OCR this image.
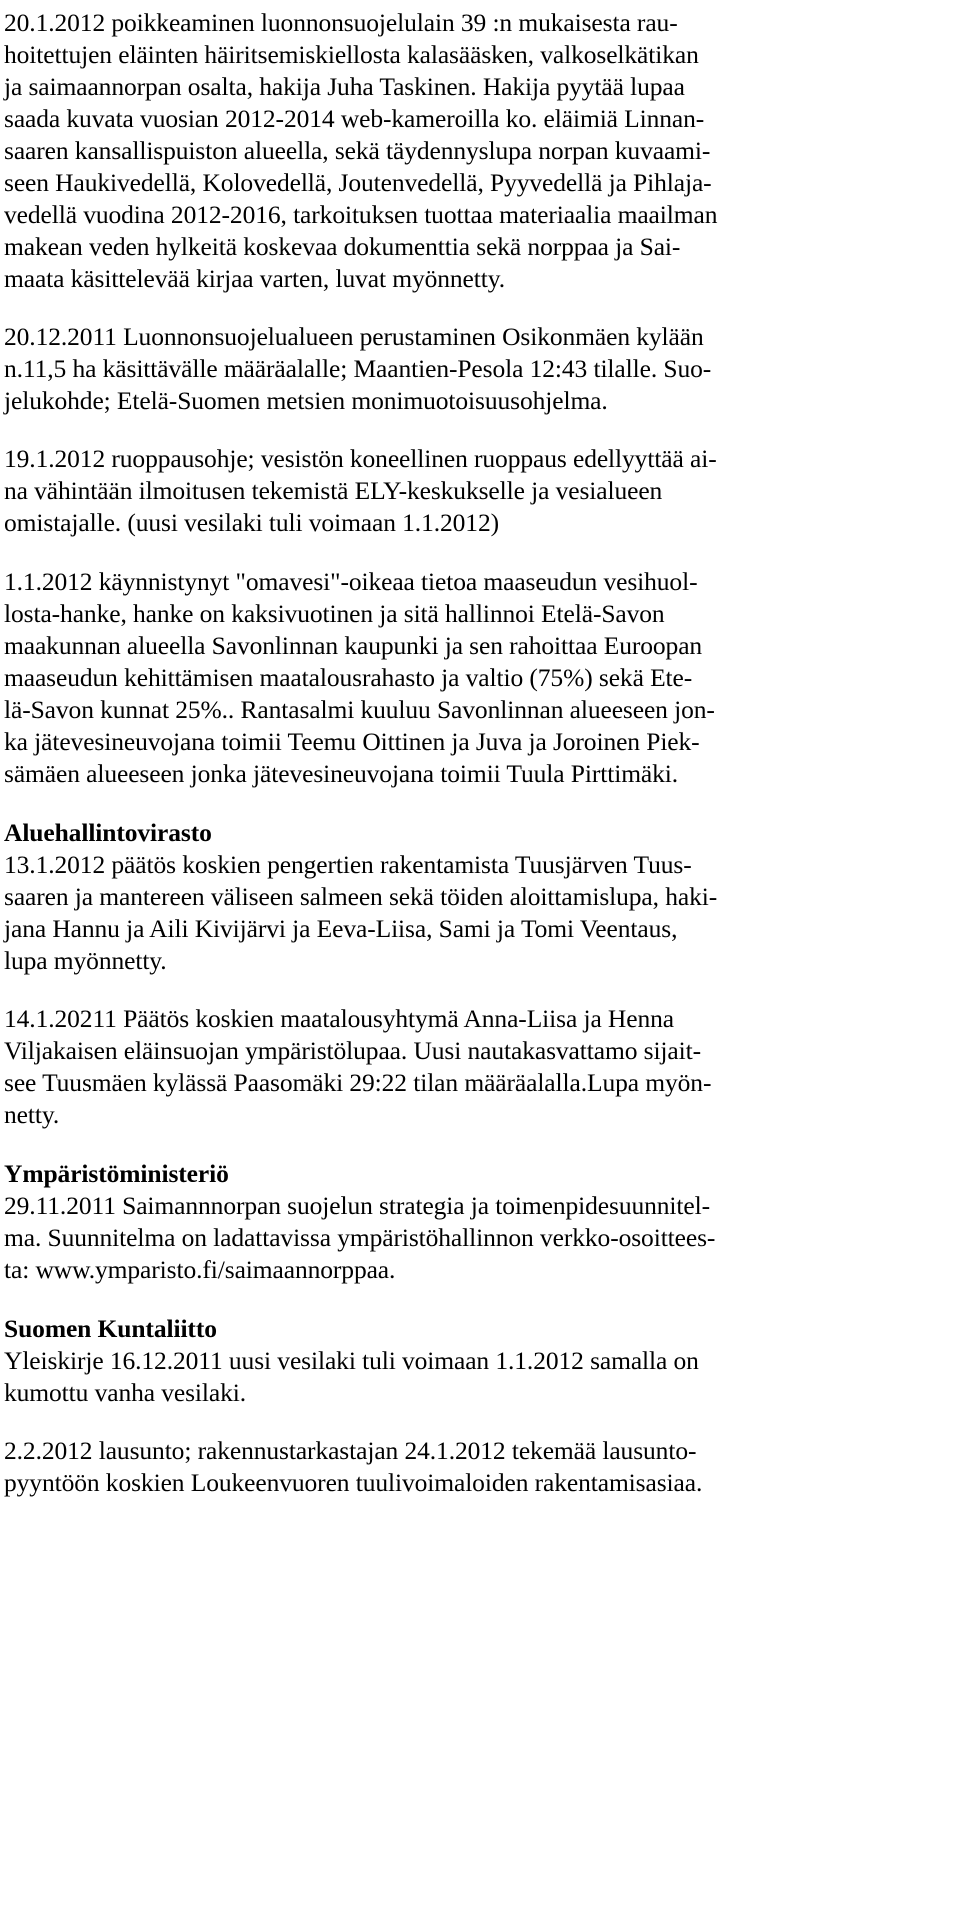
20.1.2012 poikkeaminen luonnonsuojelulain 39 :n mukaisesta rau-
hoitettujen eläinten häiritsemiskiellosta kalasääsken, valkoselkätikan
ja saimaannorpan osalta, hakija Juha Taskinen. Hakija pyytää lupaa
saada kuvata vuosian 2012-2014 web-kameroilla ko. eläimiä Linnan-
saaren kansallispuiston alueella, sekä täydennyslupa norpan kuvaami-
seen Haukivedellä, Kolovedellä, Joutenvedellä, Pyyvedellä ja Pihlaja-
vedellä vuodina 2012-2016, tarkoituksen tuottaa materiaalia maailman
makean veden hylkeitä koskevaa dokumenttia sekä norppaa ja Sai-
maata käsittelevää kirjaa varten, luvat myönnetty.
20.12.2011 Luonnonsuojelualueen perustaminen Osikonmäen kylään
n.11,5 ha käsittävälle määräalalle; Maantien-Pesola 12:43 tilalle. Suo-
jelukohde; Etelä-Suomen metsien monimuotoisuusohjelma.
19.1.2012 ruoppausohje; vesistön koneellinen ruoppaus edellyyttää ai-
na vähintään ilmoitusen tekemistä ELY-keskukselle ja vesialueen
omistajalle. (uusi vesilaki tuli voimaan 1.1.2012)
1.1.2012 käynnistynyt "omavesi"-oikeaa tietoa maaseudun vesihuol-
losta-hanke, hanke on kaksivuotinen ja sitä hallinnoi Etelä-Savon
maakunnan alueella Savonlinnan kaupunki ja sen rahoittaa Euroopan
maaseudun kehittämisen maatalousrahasto ja valtio (75%) sekä Ete-
lä-Savon kunnat 25%.. Rantasalmi kuuluu Savonlinnan alueeseen jon-
ka jätevesineuvojana toimii Teemu Oittinen ja Juva ja Joroinen Piek-
sämäen alueeseen jonka jätevesineuvojana toimii Tuula Pirttimäki.
Aluehallintovirasto
13.1.2012 päätös koskien pengertien rakentamista Tuusjärven Tuus-
saaren ja mantereen väliseen salmeen sekä töiden aloittamislupa, haki-
jana Hannu ja Aili Kivijärvi ja Eeva-Liisa, Sami ja Tomi Veentaus,
lupa myönnetty.
14.1.20211 Päätös koskien maatalousyhtymä Anna-Liisa ja Henna
Viljakaisen eläinsuojan ympäristölupaa. Uusi nautakasvattamo sijait-
see Tuusmäen kylässä Paasomäki 29:22 tilan määräalalla.Lupa myön-
netty.
Ympäristöministeriö
29.11.2011 Saimannnorpan suojelun strategia ja toimenpidesuunnitel-
ma. Suunnitelma on ladattavissa ympäristöhallinnon verkko-osoittees-
ta: www.ymparisto.fi/saimaannorppaa.
Suomen Kuntaliitto
Yleiskirje 16.12.2011 uusi vesilaki tuli voimaan 1.1.2012 samalla on
kumottu vanha vesilaki.
2.2.2012 lausunto; rakennustarkastajan 24.1.2012 tekemää lausunto-
pyyntöön koskien Loukeenvuoren tuulivoimaloiden rakentamisasiaa.
